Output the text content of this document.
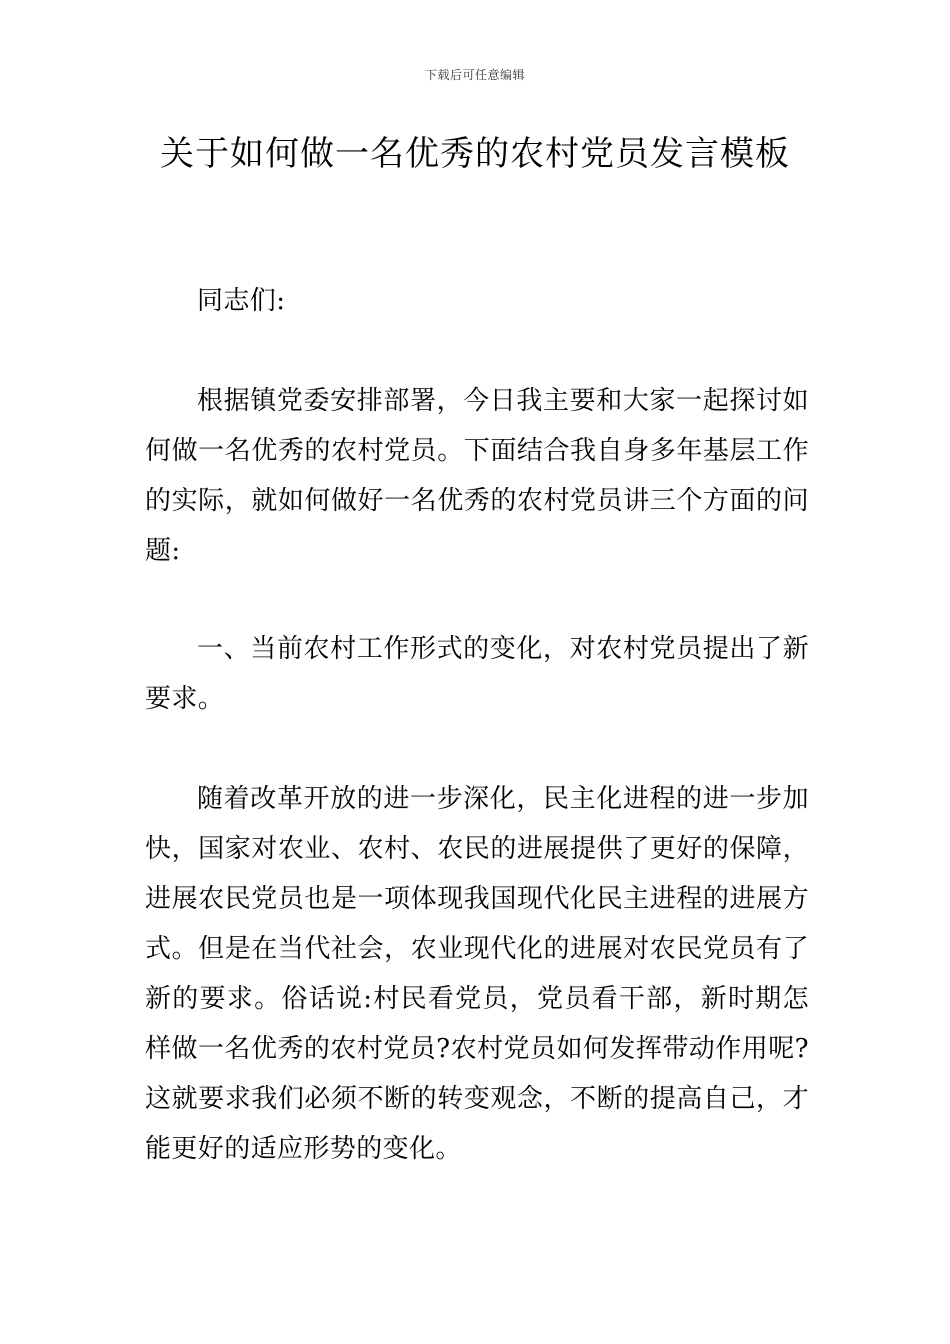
下载后可任意编辑
关于如何做一名优秀的农村党员发言模板

同志们:

根据镇党委安排部署，今日我主要和大家一起探讨如何做一名优秀的农村党员。下面结合我自身多年基层工作的实际，就如何做好一名优秀的农村党员讲三个方面的问题:

一、当前农村工作形式的变化，对农村党员提出了新要求。

随着改革开放的进一步深化，民主化进程的进一步加快，国家对农业、农村、农民的进展提供了更好的保障，进展农民党员也是一项体现我国现代化民主进程的进展方式。但是在当代社会，农业现代化的进展对农民党员有了新的要求。俗话说:村民看党员，党员看干部，新时期怎样做一名优秀的农村党员?农村党员如何发挥带动作用呢?这就要求我们必须不断的转变观念，不断的提高自己，才能更好的适应形势的变化。
